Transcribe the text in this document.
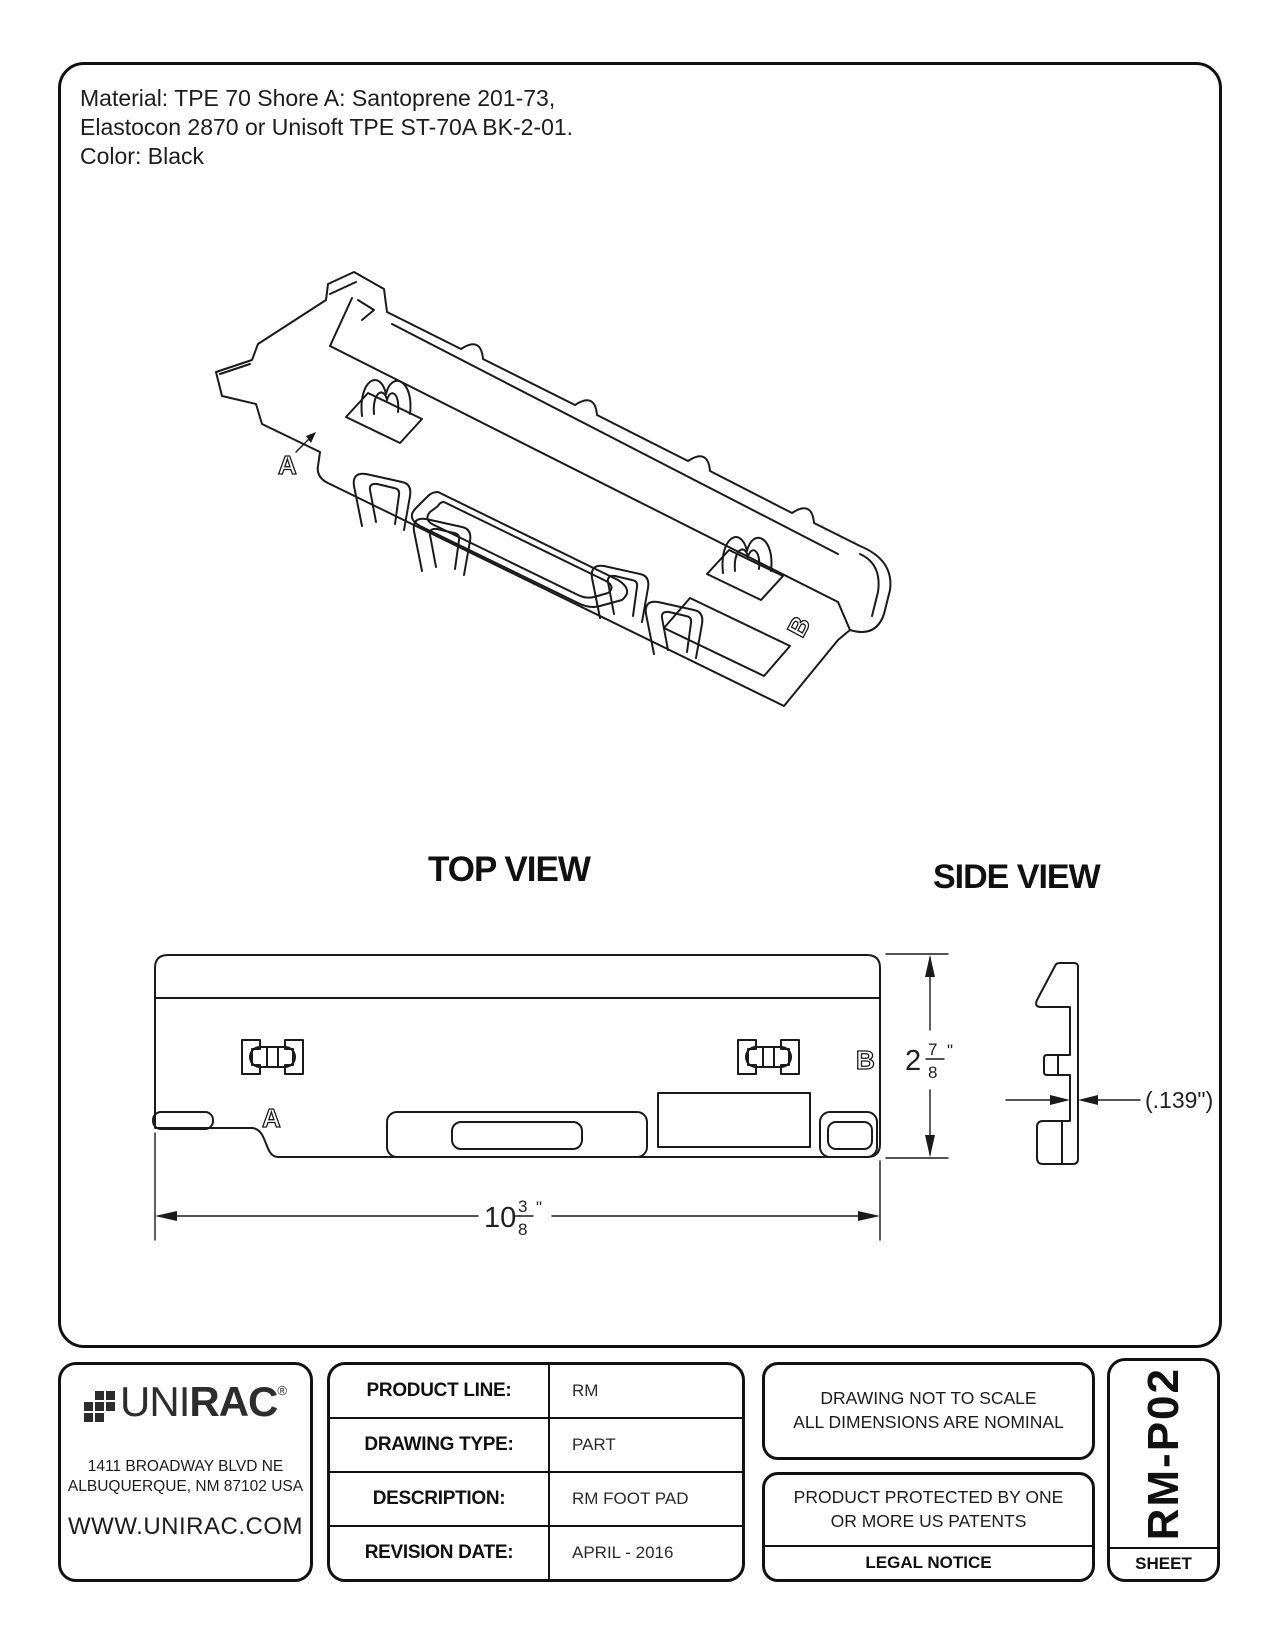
Material: TPE 70 Shore A: Santoprene 201-73,
Elastocon 2870 or Unisoft TPE ST-70A BK-2-01.
Color: Black
A
B
TOP VIEW	SIDE VIEW
A
B 2 7
8
"
10 3
8
"
(.139")
UNIRAC ®
1411 BROADWAY BLVD NE
ALBUQUERQUE, NM 87102 USA
WWW.UNIRAC.COM
PRODUCT LINE:	RM
DRAWING TYPE:	PART
DESCRIPTION:	RM FOOT PAD
REVISION DATE:	APRIL - 2016
DRAWING NOT TO SCALE
ALL DIMENSIONS ARE NOMINAL
PRODUCT PROTECTED BY ONE
OR MORE US PATENTS
LEGAL NOTICE
RM-P02
SHEET
